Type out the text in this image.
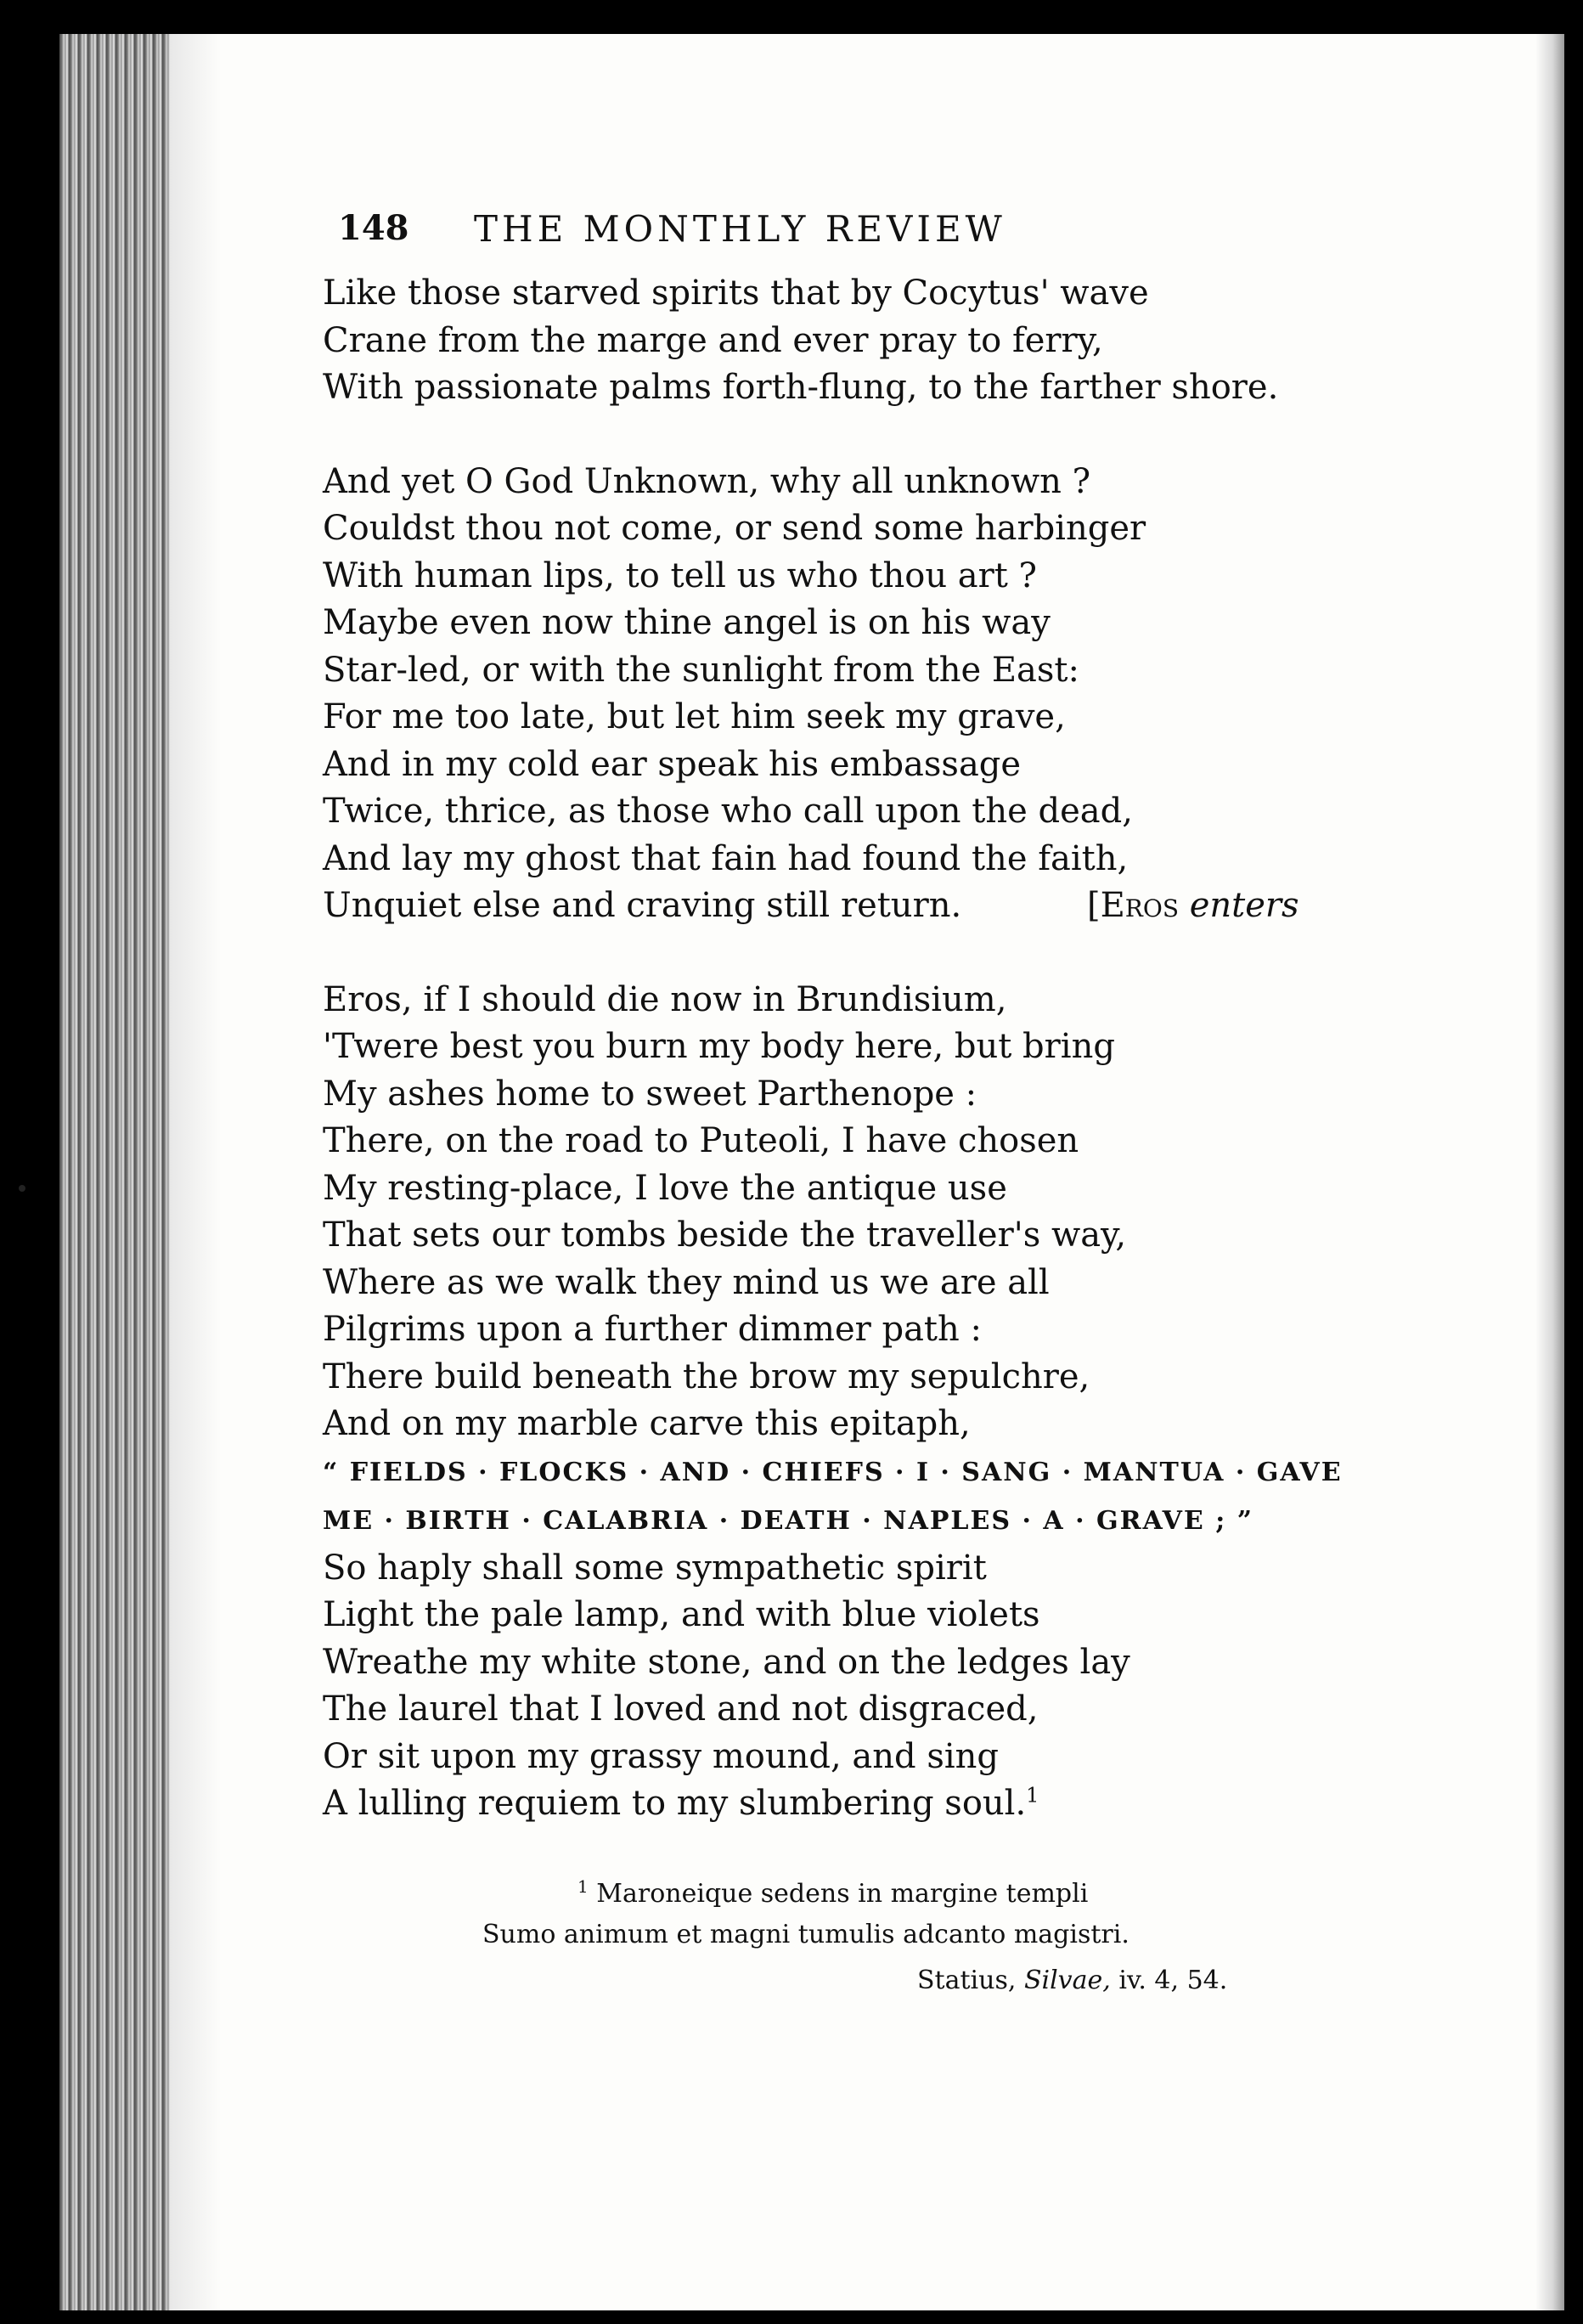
148 THE MONTHLY REVIEW
Like those starved spirits that by Cocytus' wave
Crane from the marge and ever pray to ferry,
With passionate palms forth-flung, to the farther shore.
And yet O God Unknown, why all unknown ?
Couldst thou not come, or send some harbinger
With human lips, to tell us who thou art ?
Maybe even now thine angel is on his way
Star-led, or with the sunlight from the East:
For me too late, but let him seek my grave,
And in my cold ear speak his embassage
Twice, thrice, as those who call upon the dead,
And lay my ghost that fain had found the faith,
Unquiet else and craving still return.	[Eros enters
Eros, if I should die now in Brundisium,
'Twere best you burn my body here, but bring
My ashes home to sweet Parthenope :
There, on the road to Puteoli, I have chosen
My resting-place, I love the antique use
That sets our tombs beside the traveller's way,
Where as we walk they mind us we are all
Pilgrims upon a further dimmer path :
There build beneath the brow my sepulchre,
And on my marble carve this epitaph,
“ FIELDS · FLOCKS · AND · CHIEFS · I · SANG · MANTUA · GAVE
ME · BIRTH · CALABRIA · DEATH · NAPLES · A · GRAVE ; ”
So haply shall some sympathetic spirit
Light the pale lamp, and with blue violets
Wreathe my white stone, and on the ledges lay
The laurel that I loved and not disgraced,
Or sit upon my grassy mound, and sing
A lulling requiem to my slumbering soul.$^1$
$^1$ Maroneique sedens in margine templi
Sumo animum et magni tumulis adcanto magistri.
Statius, Silvae, iv. 4, 54.
